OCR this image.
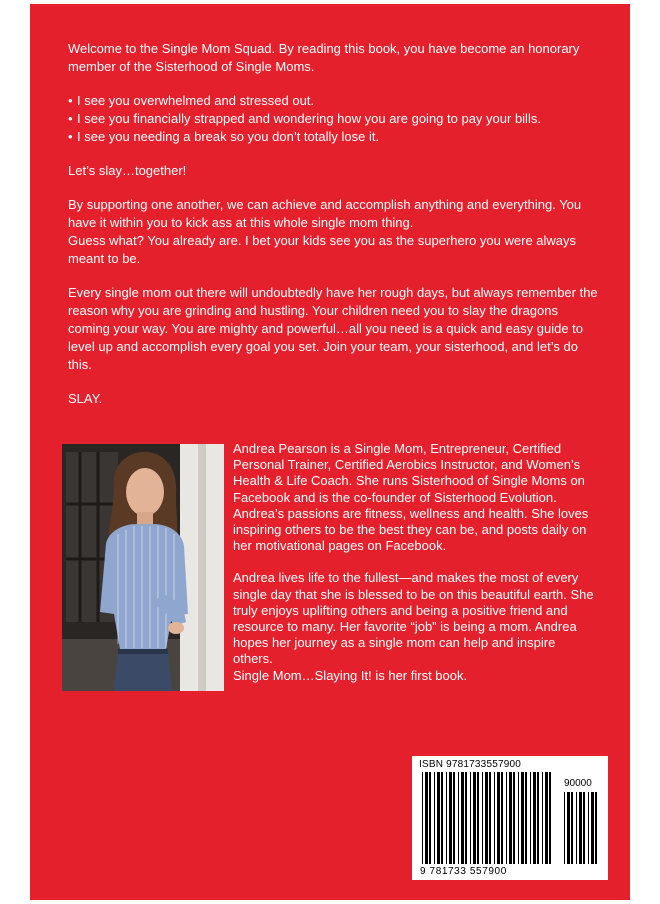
Welcome to the Single Mom Squad. By reading this book, you have become an honorary member of the Sisterhood of Single Moms.

• I see you overwhelmed and stressed out.
• I see you financially strapped and wondering how you are going to pay your bills.
• I see you needing a break so you don’t totally lose it.

Let’s slay…together!

By supporting one another, we can achieve and accomplish anything and everything. You have it within you to kick ass at this whole single mom thing.
Guess what? You already are. I bet your kids see you as the superhero you were always meant to be.

Every single mom out there will undoubtedly have her rough days, but always remember the reason why you are grinding and hustling. Your children need you to slay the dragons coming your way. You are mighty and powerful…all you need is a quick and easy guide to level up and accomplish every goal you set. Join your team, your sisterhood, and let’s do this.

SLAY.

Andrea Pearson is a Single Mom, Entrepreneur, Certified Personal Trainer, Certified Aerobics Instructor, and Women’s Health & Life Coach. She runs Sisterhood of Single Moms on Facebook and is the co-founder of Sisterhood Evolution. Andrea’s passions are fitness, wellness and health. She loves inspiring others to be the best they can be, and posts daily on her motivational pages on Facebook.

Andrea lives life to the fullest—and makes the most of every single day that she is blessed to be on this beautiful earth. She truly enjoys uplifting others and being a positive friend and resource to many. Her favorite “job” is being a mom. Andrea hopes her journey as a single mom can help and inspire others.
Single Mom…Slaying It! is her first book.

ISBN 9781733557900
90000
9 781733 557900
